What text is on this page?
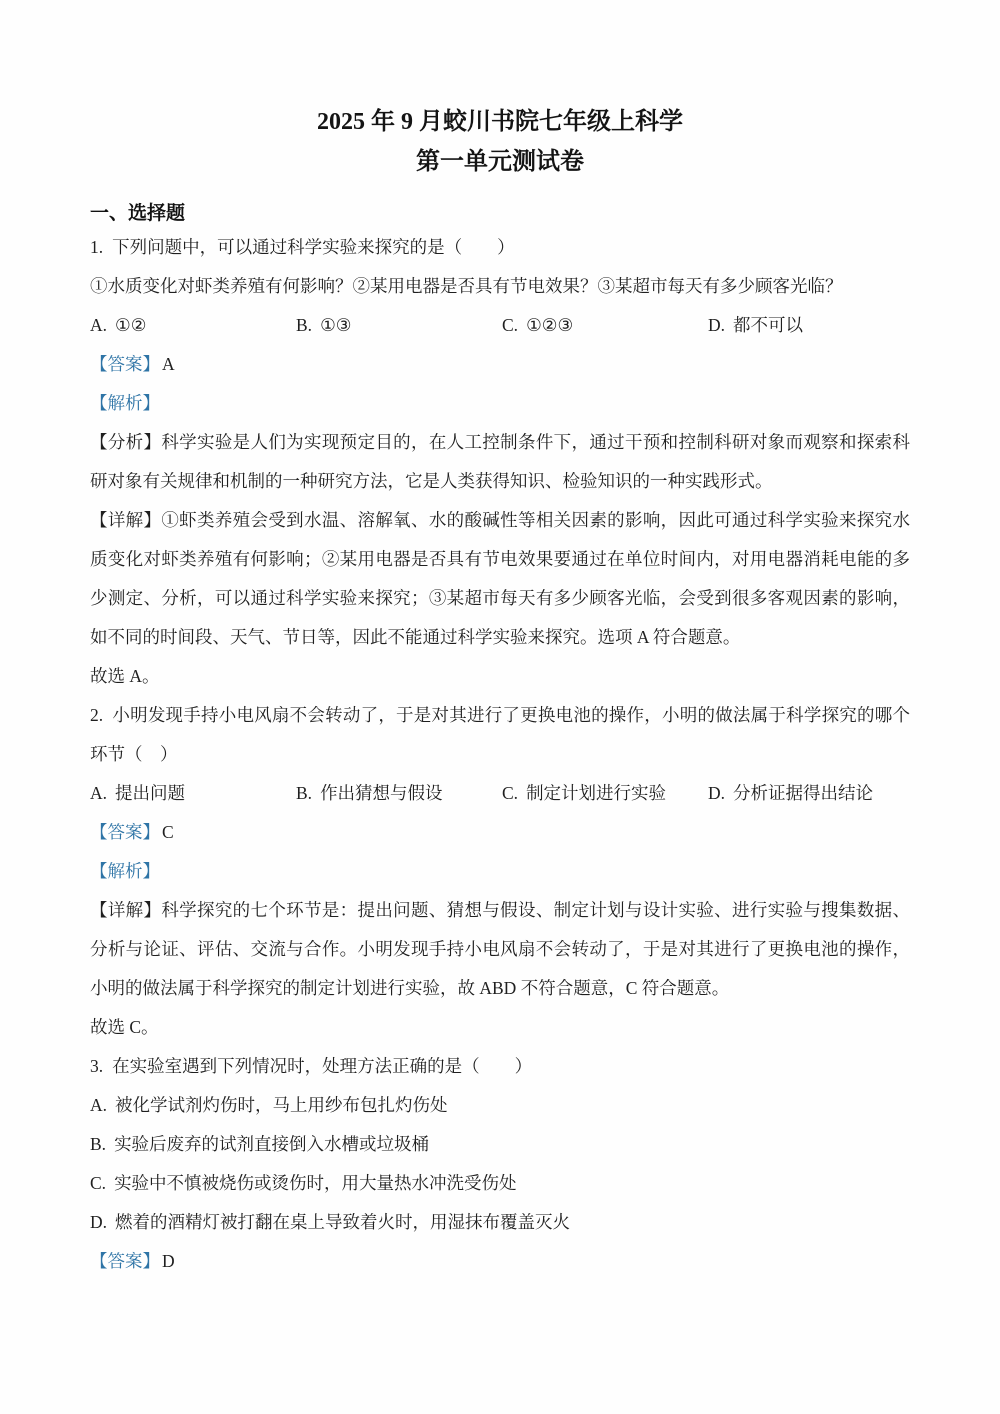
2025 年 9 月蛟川书院七年级上科学
第一单元测试卷
一、选择题

1. 下列问题中，可以通过科学实验来探究的是（　　）

①水质变化对虾类养殖有何影响？②某用电器是否具有节电效果？③某超市每天有多少顾客光临？

A. ①②	B. ①③	C. ①②③	D. 都不可以

【答案】 A

【解析】

【分析】科学实验是人们为实现预定目的，在人工控制条件下，通过干预和控制科研对象而观察和探索科研对象有关规律和机制的一种研究方法，它是人类获得知识、检验知识的一种实践形式。

【详解】①虾类养殖会受到水温、溶解氧、水的酸碱性等相关因素的影响，因此可通过科学实验来探究水质变化对虾类养殖有何影响；②某用电器是否具有节电效果要通过在单位时间内，对用电器消耗电能的多少测定、分析，可以通过科学实验来探究；③某超市每天有多少顾客光临，会受到很多客观因素的影响，如不同的时间段、天气、节日等，因此不能通过科学实验来探究。选项 A 符合题意。

故选 A。

2. 小明发现手持小电风扇不会转动了，于是对其进行了更换电池的操作，小明的做法属于科学探究的哪个环节（　）

A. 提出问题	B. 作出猜想与假设	C. 制定计划进行实验	D. 分析证据得出结论

【答案】 C

【解析】

【详解】科学探究的七个环节是：提出问题、猜想与假设、制定计划与设计实验、进行实验与搜集数据、分析与论证、评估、交流与合作。小明发现手持小电风扇不会转动了，于是对其进行了更换电池的操作，小明的做法属于科学探究的制定计划进行实验，故 ABD 不符合题意，C 符合题意。

故选 C。

3. 在实验室遇到下列情况时，处理方法正确的是（　　）

A. 被化学试剂灼伤时，马上用纱布包扎灼伤处

B. 实验后废弃的试剂直接倒入水槽或垃圾桶

C. 实验中不慎被烧伤或烫伤时，用大量热水冲洗受伤处

D. 燃着的酒精灯被打翻在桌上导致着火时，用湿抹布覆盖灭火

【答案】 D
